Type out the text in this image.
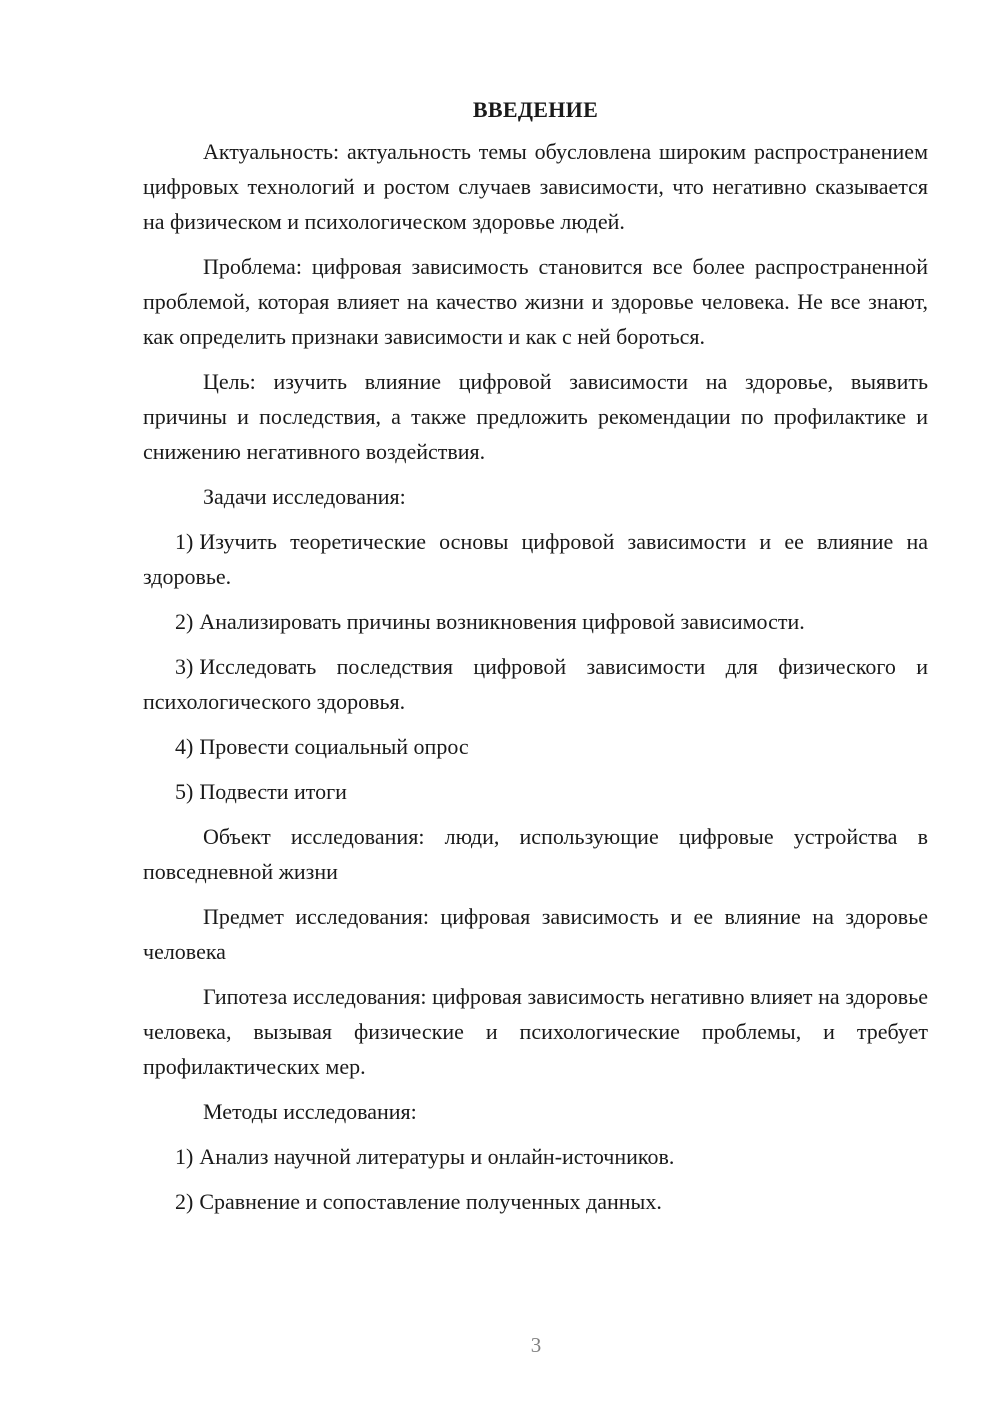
ВВЕДЕНИЕ

Актуальность: актуальность темы обусловлена широким распространением цифровых технологий и ростом случаев зависимости, что негативно сказывается на физическом и психологическом здоровье людей.

Проблема: цифровая зависимость становится все более распространенной проблемой, которая влияет на качество жизни и здоровье человека. Не все знают, как определить признаки зависимости и как с ней бороться.

Цель: изучить влияние цифровой зависимости на здоровье, выявить причины и последствия, а также предложить рекомендации по профилактике и снижению негативного воздействия.

Задачи исследования:

1) Изучить теоретические основы цифровой зависимости и ее влияние на здоровье.

2) Анализировать причины возникновения цифровой зависимости.

3) Исследовать последствия цифровой зависимости для физического и психологического здоровья.

4) Провести социальный опрос

5) Подвести итоги

Объект исследования: люди, использующие цифровые устройства в повседневной жизни

Предмет исследования: цифровая зависимость и ее влияние на здоровье человека

Гипотеза исследования: цифровая зависимость негативно влияет на здоровье человека, вызывая физические и психологические проблемы, и требует профилактических мер.

Методы исследования:

1) Анализ научной литературы и онлайн-источников.

2) Сравнение и сопоставление полученных данных.

3
